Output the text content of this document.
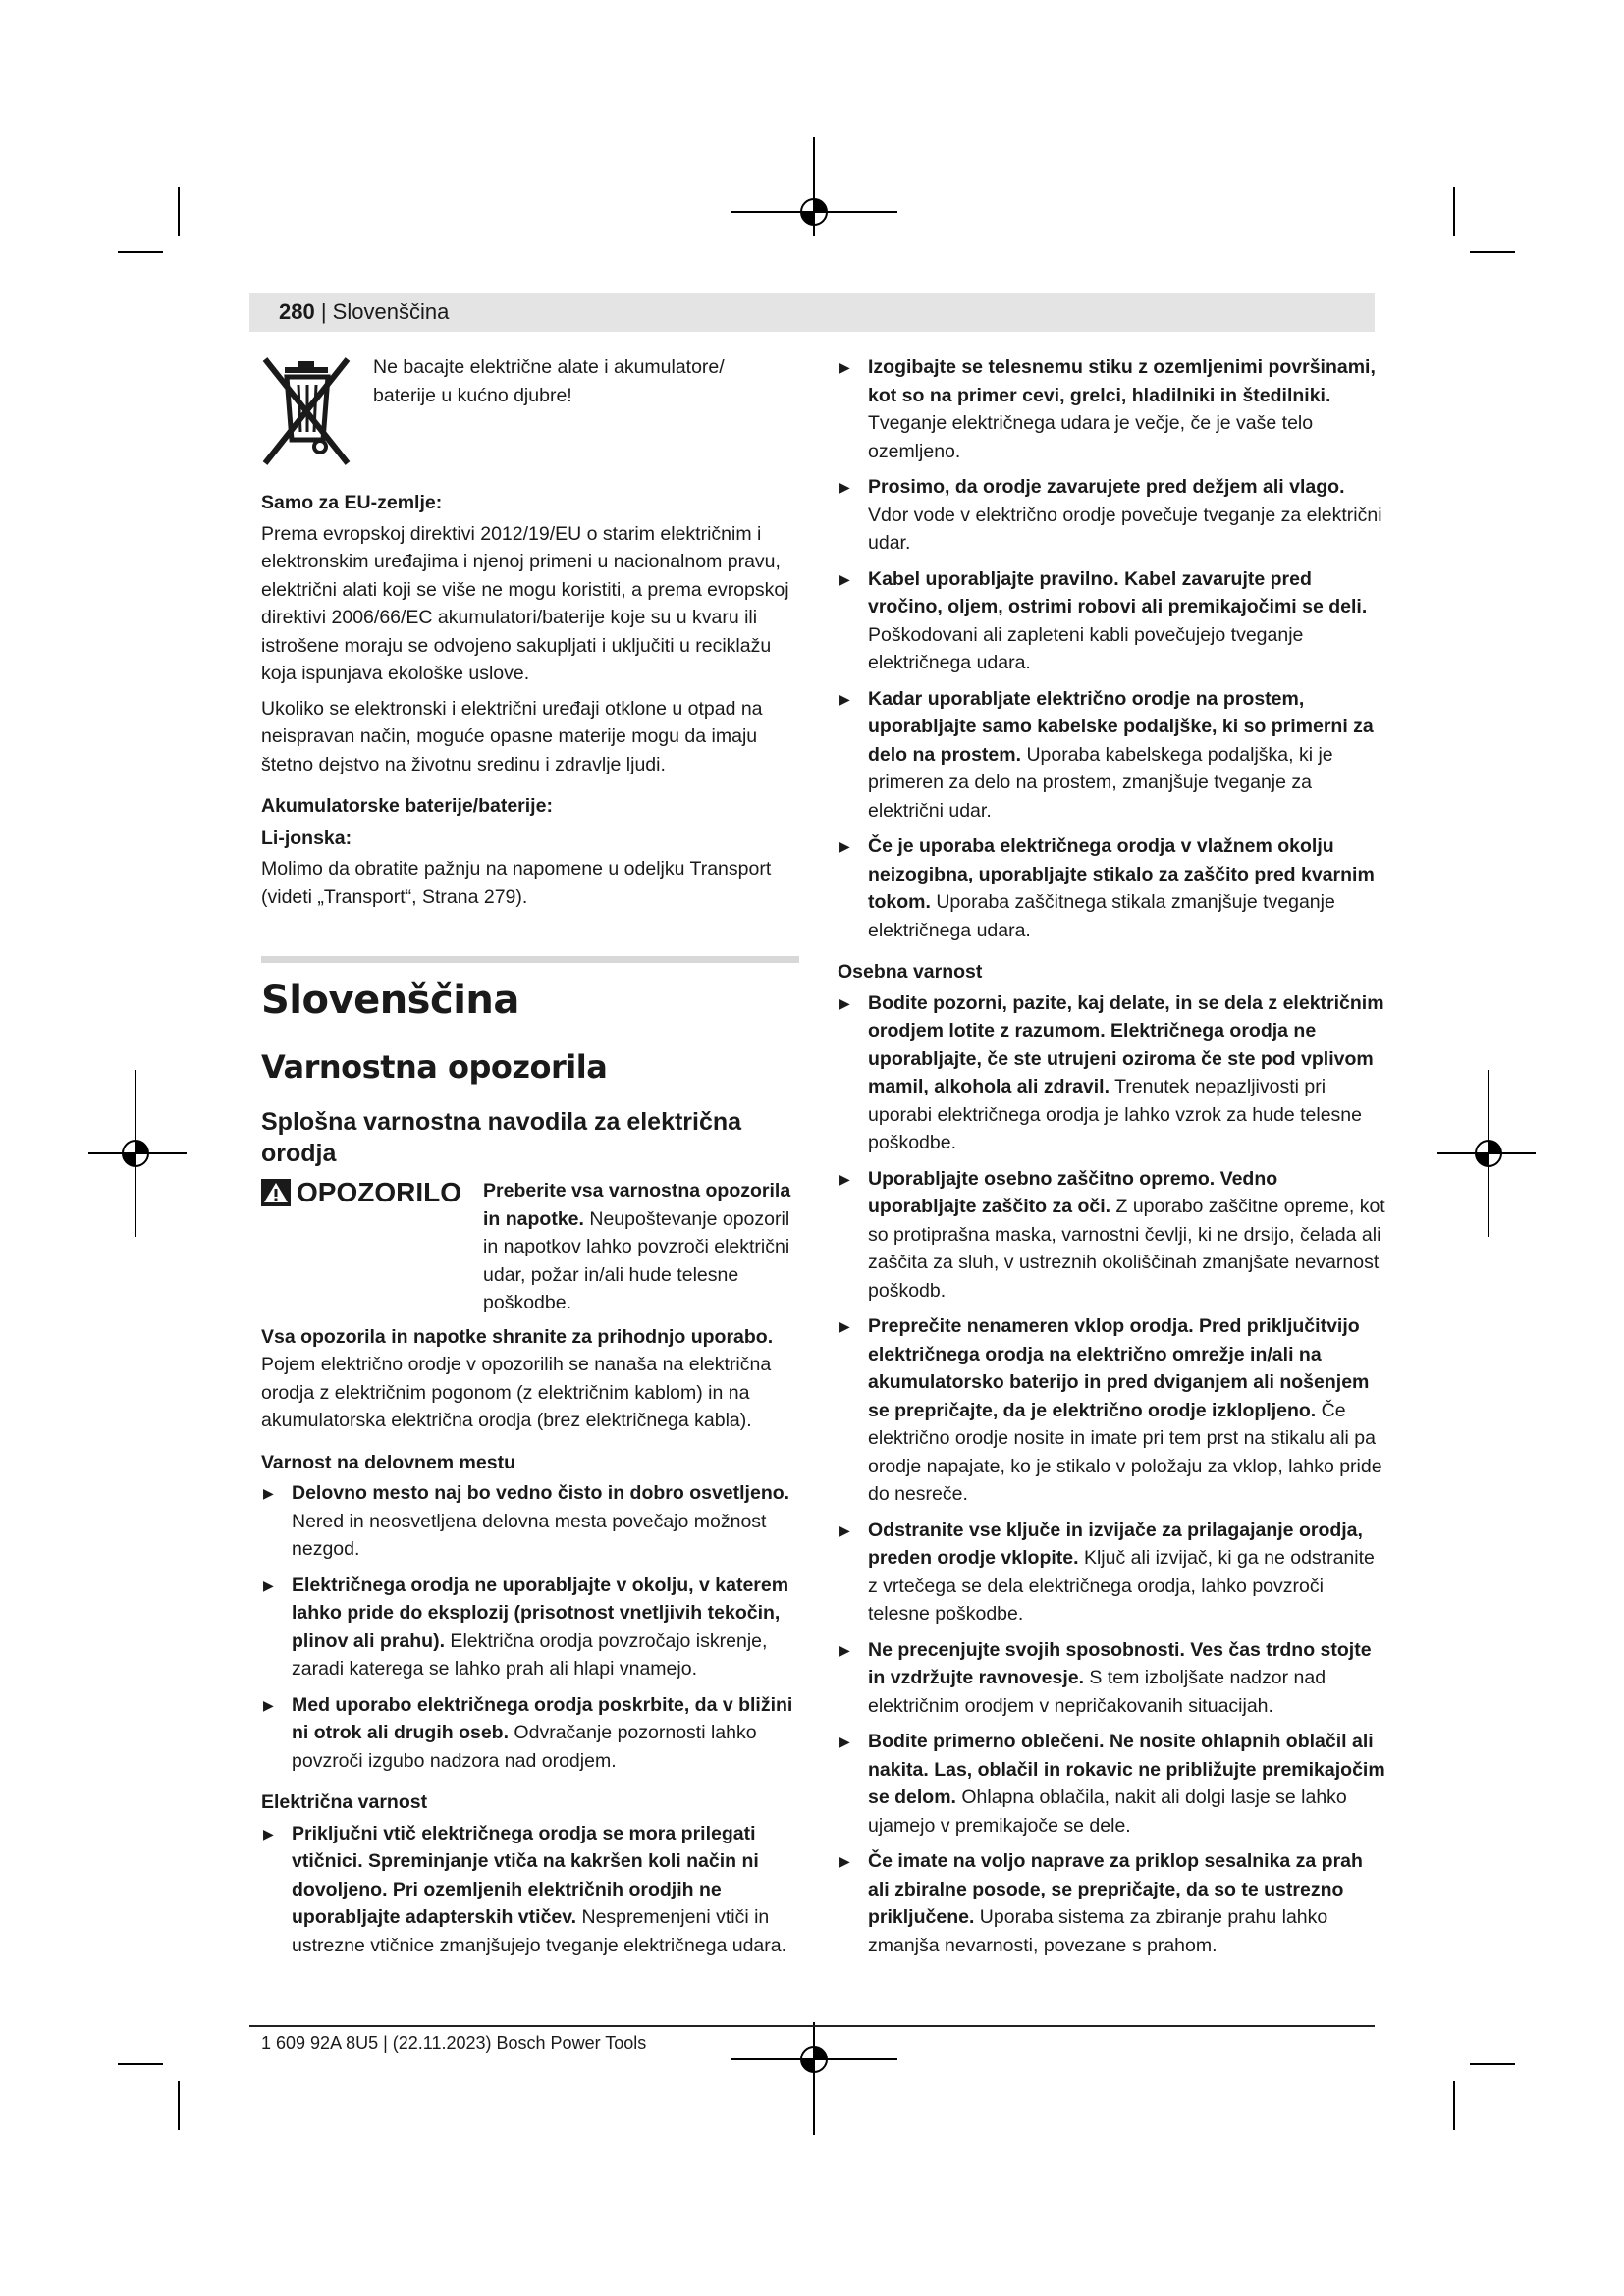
280 | Slovenščina

Ne bacajte električne alate i akumulatore/ baterije u kućno djubre!

Samo za EU-zemlje:

Prema evropskoj direktivi 2012/19/EU o starim električnim i elektronskim uređajima i njenoj primeni u nacionalnom pravu, električni alati koji se više ne mogu koristiti, a prema evropskoj direktivi 2006/66/EC akumulatori/baterije koje su u kvaru ili istrošene moraju se odvojeno sakupljati i uključiti u reciklažu koja ispunjava ekološke uslove.

Ukoliko se elektronski i električni uređaji otklone u otpad na neispravan način, moguće opasne materije mogu da imaju štetno dejstvo na životnu sredinu i zdravlje ljudi.

Akumulatorske baterije/baterije:

Li-jonska:

Molimo da obratite pažnju na napomene u odeljku Transport (videti „Transport“, Strana 279).

Slovenščina

Varnostna opozorila

Splošna varnostna navodila za električna orodja

OPOZORILO Preberite vsa varnostna opozorila in napotke. Neupoštevanje opozoril in napotkov lahko povzroči električni udar, požar in/ali hude telesne poškodbe.

Vsa opozorila in napotke shranite za prihodnjo uporabo.

Pojem električno orodje v opozorilih se nanaša na električna orodja z električnim pogonom (z električnim kablom) in na akumulatorska električna orodja (brez električnega kabla).

Varnost na delovnem mestu

▶ Delovno mesto naj bo vedno čisto in dobro osvetljeno. Nered in neosvetljena delovna mesta povečajo možnost nezgod.

▶ Električnega orodja ne uporabljajte v okolju, v katerem lahko pride do eksplozij (prisotnost vnetljivih tekočin, plinov ali prahu). Električna orodja povzročajo iskrenje, zaradi katerega se lahko prah ali hlapi vnamejo.

▶ Med uporabo električnega orodja poskrbite, da v bližini ni otrok ali drugih oseb. Odvračanje pozornosti lahko povzroči izgubo nadzora nad orodjem.

Električna varnost

▶ Priključni vtič električnega orodja se mora prilegati vtičnici. Spreminjanje vtiča na kakršen koli način ni dovoljeno. Pri ozemljenih električnih orodjih ne uporabljajte adapterskih vtičev. Nespremenjeni vtiči in ustrezne vtičnice zmanjšujejo tveganje električnega udara.

▶ Izogibajte se telesnemu stiku z ozemljenimi površinami, kot so na primer cevi, grelci, hladilniki in štedilniki. Tveganje električnega udara je večje, če je vaše telo ozemljeno.

▶ Prosimo, da orodje zavarujete pred dežjem ali vlago. Vdor vode v električno orodje povečuje tveganje za električni udar.

▶ Kabel uporabljajte pravilno. Kabel zavarujte pred vročino, oljem, ostrimi robovi ali premikajočimi se deli. Poškodovani ali zapleteni kabli povečujejo tveganje električnega udara.

▶ Kadar uporabljate električno orodje na prostem, uporabljajte samo kabelske podaljške, ki so primerni za delo na prostem. Uporaba kabelskega podaljška, ki je primeren za delo na prostem, zmanjšuje tveganje za električni udar.

▶ Če je uporaba električnega orodja v vlažnem okolju neizogibna, uporabljajte stikalo za zaščito pred kvarnim tokom. Uporaba zaščitnega stikala zmanjšuje tveganje električnega udara.

Osebna varnost

▶ Bodite pozorni, pazite, kaj delate, in se dela z električnim orodjem lotite z razumom. Električnega orodja ne uporabljajte, če ste utrujeni oziroma če ste pod vplivom mamil, alkohola ali zdravil. Trenutek nepazljivosti pri uporabi električnega orodja je lahko vzrok za hude telesne poškodbe.

▶ Uporabljajte osebno zaščitno opremo. Vedno uporabljajte zaščito za oči. Z uporabo zaščitne opreme, kot so protiprašna maska, varnostni čevlji, ki ne drsijo, čelada ali zaščita za sluh, v ustreznih okoliščinah zmanjšate nevarnost poškodb.

▶ Preprečite nenameren vklop orodja. Pred priključitvijo električnega orodja na električno omrežje in/ali na akumulatorsko baterijo in pred dviganjem ali nošenjem se prepričajte, da je električno orodje izklopljeno. Če električno orodje nosite in imate pri tem prst na stikalu ali pa orodje napajate, ko je stikalo v položaju za vklop, lahko pride do nesreče.

▶ Odstranite vse ključe in izvijače za prilagajanje orodja, preden orodje vklopite. Ključ ali izvijač, ki ga ne odstranite z vrtečega se dela električnega orodja, lahko povzroči telesne poškodbe.

▶ Ne precenjujte svojih sposobnosti. Ves čas trdno stojte in vzdržujte ravnovesje. S tem izboljšate nadzor nad električnim orodjem v nepričakovanih situacijah.

▶ Bodite primerno oblečeni. Ne nosite ohlapnih oblačil ali nakita. Las, oblačil in rokavic ne približujte premikajočim se delom. Ohlapna oblačila, nakit ali dolgi lasje se lahko ujamejo v premikajoče se dele.

▶ Če imate na voljo naprave za priklop sesalnika za prah ali zbiralne posode, se prepričajte, da so te ustrezno priključene. Uporaba sistema za zbiranje prahu lahko zmanjša nevarnosti, povezane s prahom.

1 609 92A 8U5 | (22.11.2023) Bosch Power Tools
